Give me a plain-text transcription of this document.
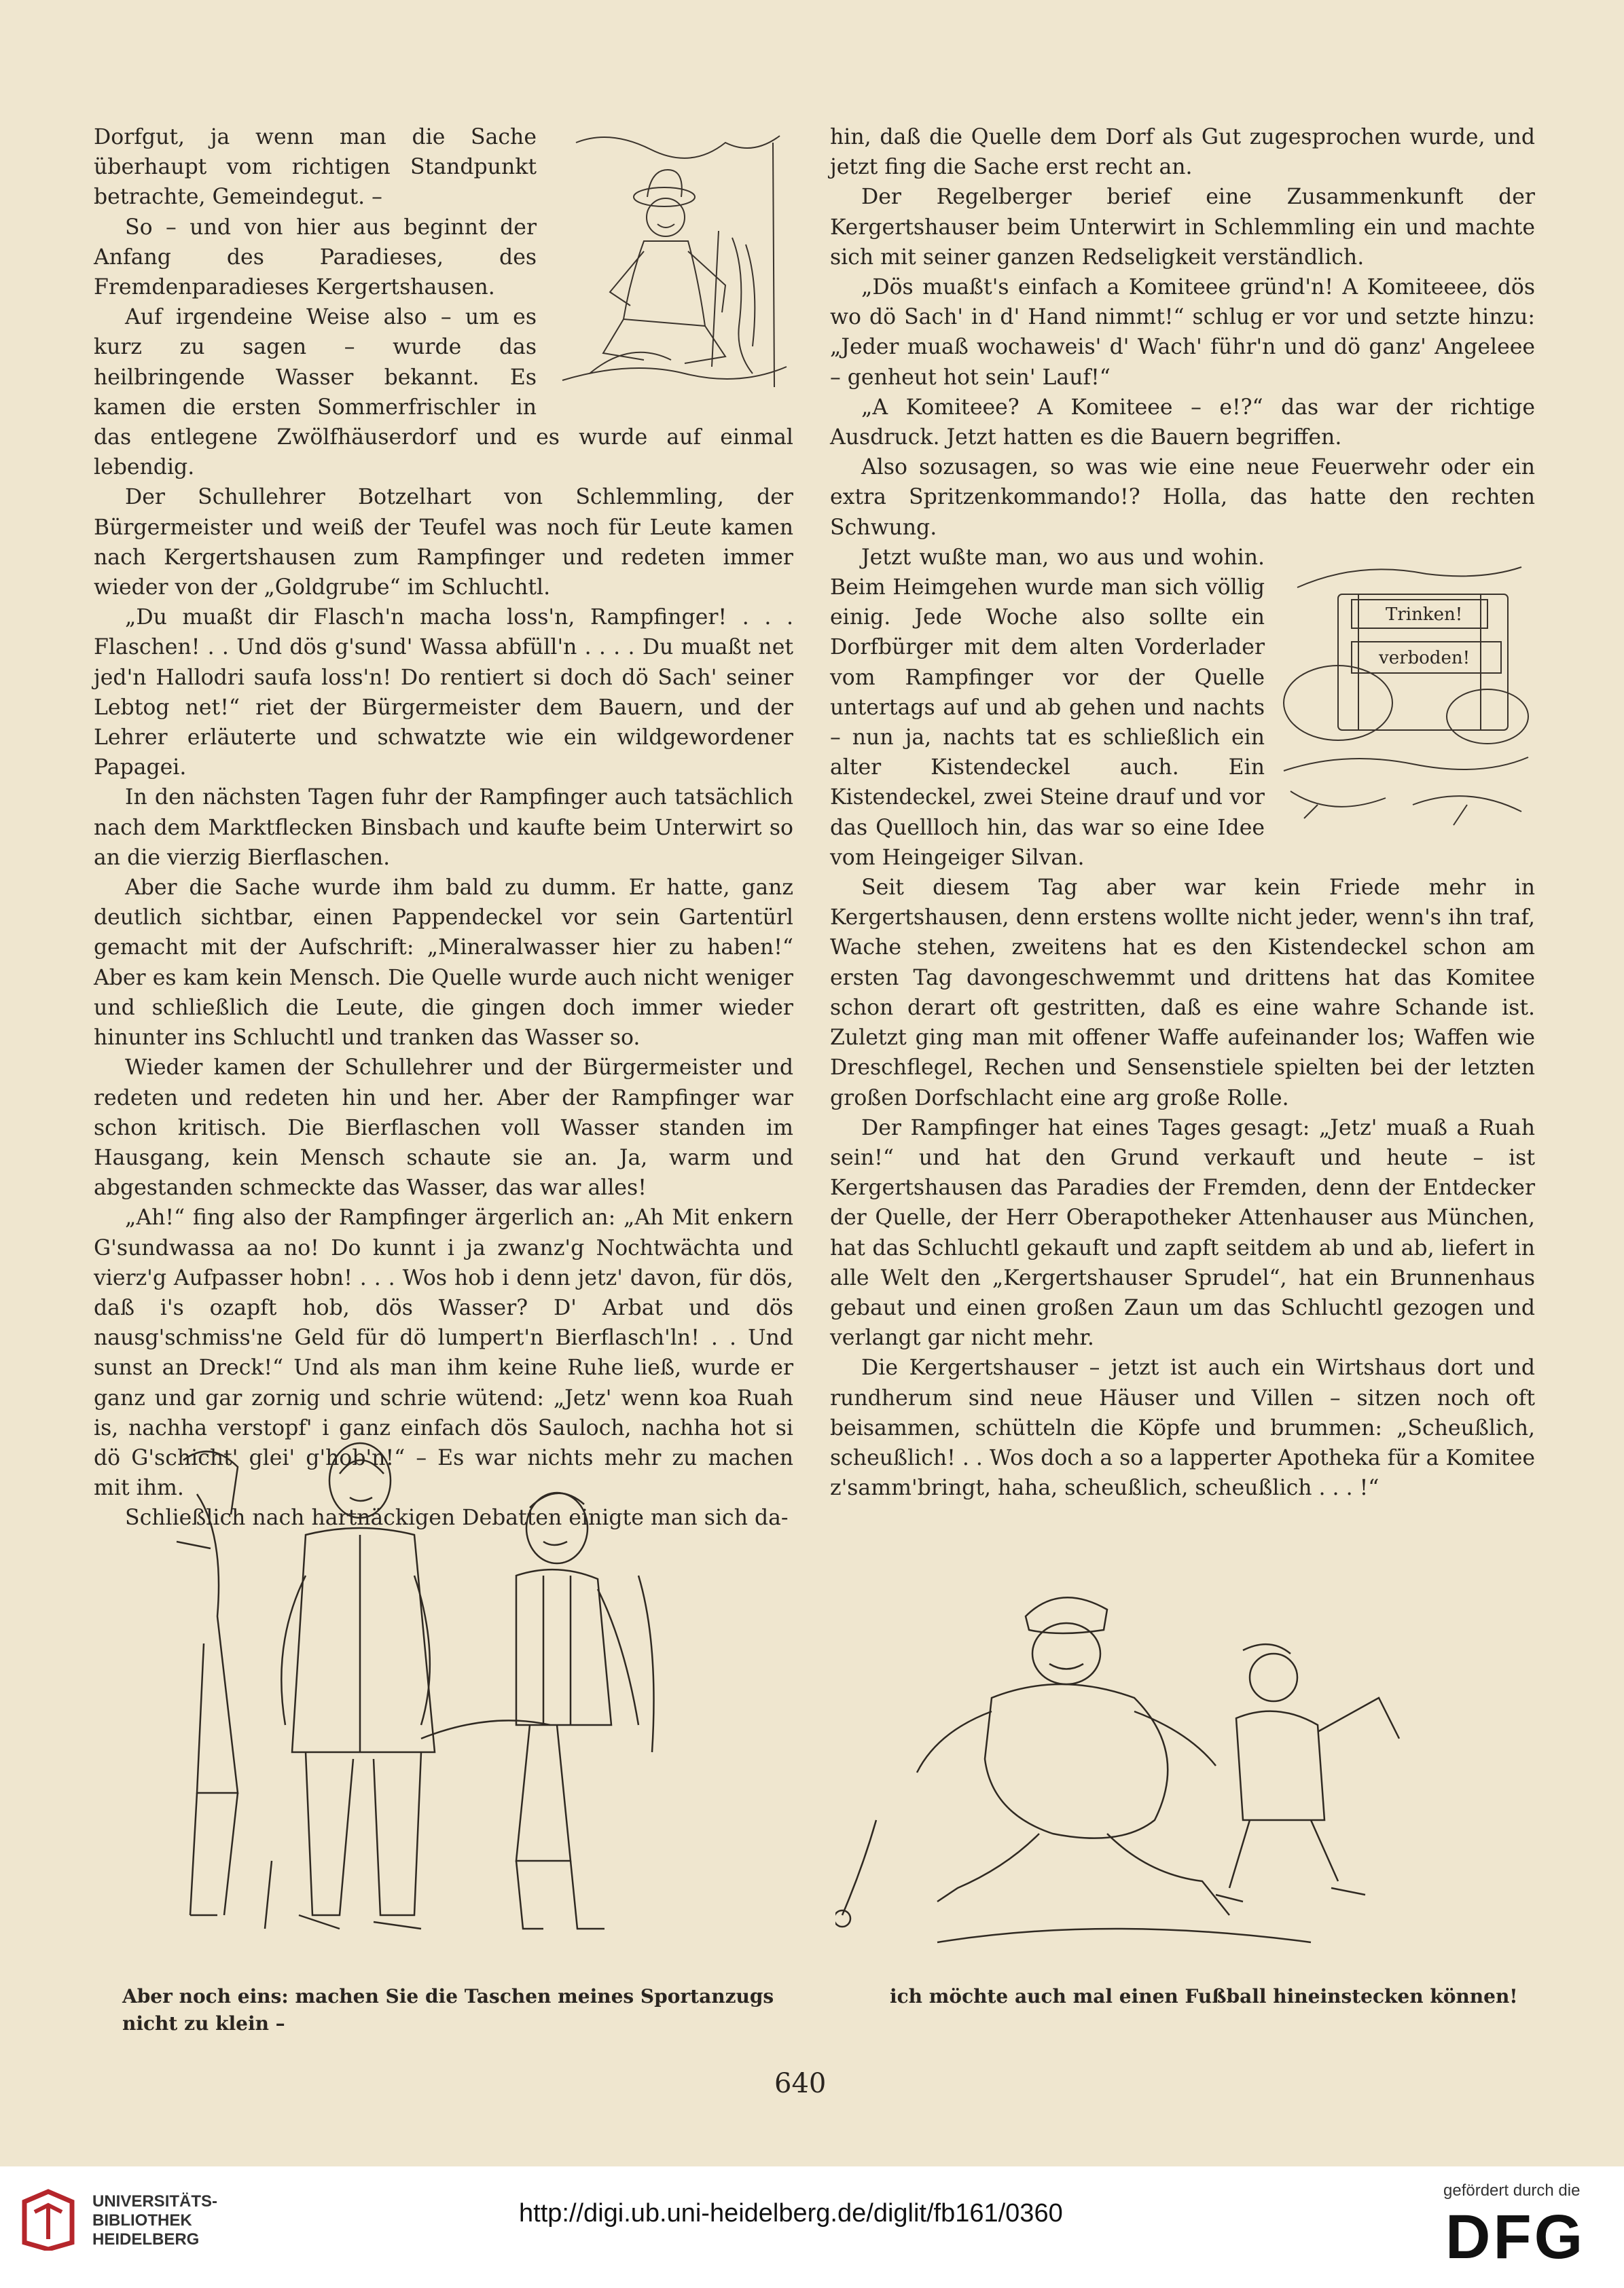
Dorfgut, ja wenn man die Sache überhaupt vom richtigen Standpunkt betrachte, Gemeindegut. –

So – und von hier aus beginnt der Anfang des Paradieses, des Fremdenparadieses Kergertshausen.

Auf irgendeine Weise also – um es kurz zu sagen – wurde das heilbringende Wasser bekannt. Es kamen die ersten Sommerfrischler in das entlegene Zwölfhäuserdorf und es wurde auf einmal lebendig.

Der Schullehrer Botzelhart von Schlemmling, der Bürgermeister und weiß der Teufel was noch für Leute kamen nach Kergertshausen zum Rampfinger und redeten immer wieder von der „Goldgrube“ im Schluchtl.

„Du muaßt dir Flasch'n macha loss'n, Rampfinger! . . . Flaschen! . . Und dös g'sund' Wassa abfüll'n . . . . Du muaßt net jed'n Hallodri saufa loss'n! Do rentiert si doch dö Sach' seiner Lebtog net!“ riet der Bürgermeister dem Bauern, und der Lehrer erläuterte und schwatzte wie ein wildgewordener Papagei.

In den nächsten Tagen fuhr der Rampfinger auch tatsächlich nach dem Marktflecken Binsbach und kaufte beim Unterwirt so an die vierzig Bierflaschen.

Aber die Sache wurde ihm bald zu dumm. Er hatte, ganz deutlich sichtbar, einen Pappendeckel vor sein Gartentürl gemacht mit der Aufschrift: „Mineralwasser hier zu haben!“ Aber es kam kein Mensch. Die Quelle wurde auch nicht weniger und schließlich die Leute, die gingen doch immer wieder hinunter ins Schluchtl und tranken das Wasser so.

Wieder kamen der Schullehrer und der Bürgermeister und redeten und redeten hin und her. Aber der Rampfinger war schon kritisch. Die Bierflaschen voll Wasser standen im Hausgang, kein Mensch schaute sie an. Ja, warm und abgestanden schmeckte das Wasser, das war alles!

„Ah!“ fing also der Rampfinger ärgerlich an: „Ah Mit enkern G'sundwassa aa no! Do kunnt i ja zwanz'g Nochtwächta und vierz'g Aufpasser hobn! . . . Wos hob i denn jetz' davon, für dös, daß i's ozapft hob, dös Wasser? D' Arbat und dös nausg'schmiss'ne Geld für dö lumpert'n Bierflasch'ln! . . Und sunst an Dreck!“ Und als man ihm keine Ruhe ließ, wurde er ganz und gar zornig und schrie wütend: „Jetz' wenn koa Ruah is, nachha verstopf' i ganz einfach dös Sauloch, nachha hot si dö G'schicht' glei' g'hob'n!“ – Es war nichts mehr zu machen mit ihm.

Schließlich nach hartnäckigen Debatten einigte man sich da-

hin, daß die Quelle dem Dorf als Gut zugesprochen wurde, und jetzt fing die Sache erst recht an.

Der Regelberger berief eine Zusammenkunft der Kergertshauser beim Unterwirt in Schlemmling ein und machte sich mit seiner ganzen Redseligkeit verständlich.

„Dös muaßt's einfach a Komiteee gründ'n! A Komiteeee, dös wo dö Sach' in d' Hand nimmt!“ schlug er vor und setzte hinzu: „Jeder muaß wochaweis' d' Wach' führ'n und dö ganz' Angeleee – genheut hot sein' Lauf!“

„A Komiteee? A Komiteee – e!?“ das war der richtige Ausdruck. Jetzt hatten es die Bauern begriffen.

Also sozusagen, so was wie eine neue Feuerwehr oder ein extra Spritzenkommando!? Holla, das hatte den rechten Schwung.

Trinken!
verboden!

Jetzt wußte man, wo aus und wohin. Beim Heimgehen wurde man sich völlig einig. Jede Woche also sollte ein Dorfbürger mit dem alten Vorderlader vom Rampfinger vor der Quelle untertags auf und ab gehen und nachts – nun ja, nachts tat es schließlich ein alter Kistendeckel auch. Ein Kistendeckel, zwei Steine drauf und vor das Quellloch hin, das war so eine Idee vom Heingeiger Silvan.

Seit diesem Tag aber war kein Friede mehr in Kergertshausen, denn erstens wollte nicht jeder, wenn's ihn traf, Wache stehen, zweitens hat es den Kistendeckel schon am ersten Tag davongeschwemmt und drittens hat das Komitee schon derart oft gestritten, daß es eine wahre Schande ist. Zuletzt ging man mit offener Waffe aufeinander los; Waffen wie Dreschflegel, Rechen und Sensenstiele spielten bei der letzten großen Dorfschlacht eine arg große Rolle.

Der Rampfinger hat eines Tages gesagt: „Jetz' muaß a Ruah sein!“ und hat den Grund verkauft und heute – ist Kergertshausen das Paradies der Fremden, denn der Entdecker der Quelle, der Herr Oberapotheker Attenhauser aus München, hat das Schluchtl gekauft und zapft seitdem ab und ab, liefert in alle Welt den „Kergertshauser Sprudel“, hat ein Brunnenhaus gebaut und einen großen Zaun um das Schluchtl gezogen und verlangt gar nicht mehr.

Die Kergertshauser – jetzt ist auch ein Wirtshaus dort und rundherum sind neue Häuser und Villen – sitzen noch oft beisammen, schütteln die Köpfe und brummen: „Scheußlich, scheußlich! . . Wos doch a so a lapperter Apotheka für a Komitee z'samm'bringt, haha, scheußlich, scheußlich . . . !“

Aber noch eins: machen Sie die Taschen meines Sportanzugs nicht zu klein –
ich möchte auch mal einen Fußball hineinstecken können!
640
UNIVERSITÄTS-
BIBLIOTHEK
HEIDELBERG
http://digi.ub.uni-heidelberg.de/diglit/fb161/0360
gefördert durch die
DFG
